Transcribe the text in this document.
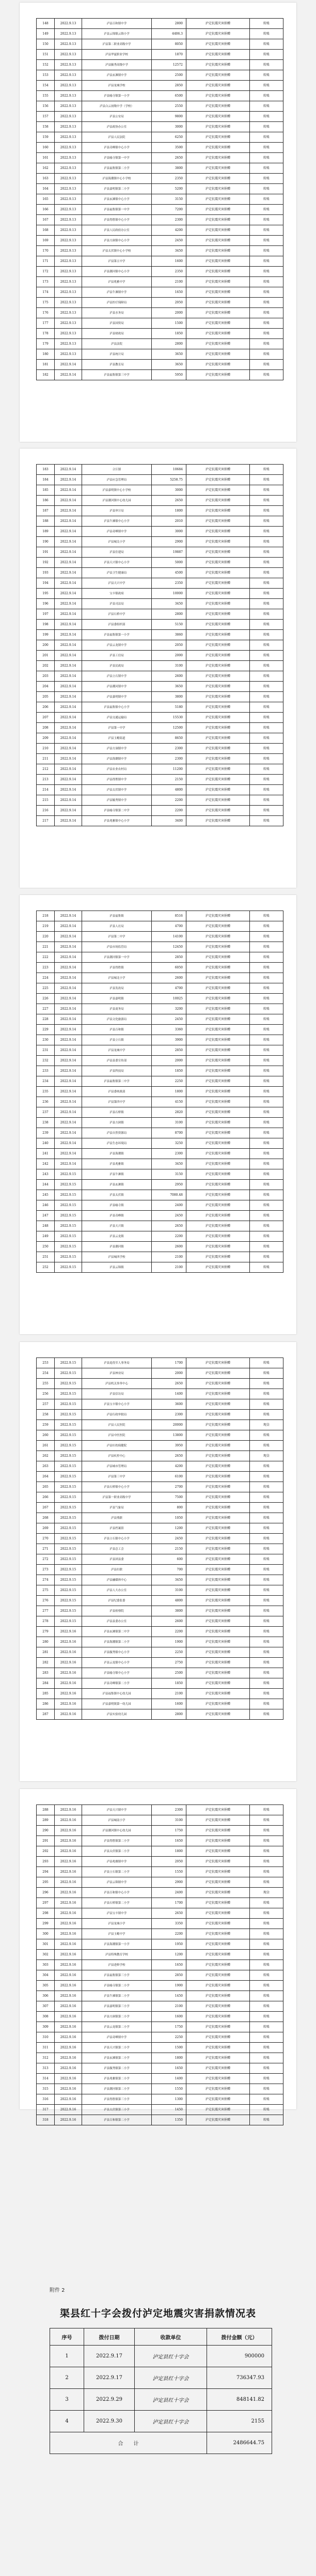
148	2022.9.13	泸县百和镇中学	2800	泸定抗震灾害捐赠	转账
149	2022.9.13	泸县云锦镇云锦小学	4406.3	泸定抗震灾害捐赠	转账
150	2022.9.13	泸县第二职业高级中学	8050	泸定抗震灾害捐赠	转账
151	2022.9.13	泸县华夏职业学校	1870	泸定抗震灾害捐赠	转账
152	2022.9.13	泸县毓秀高级中学	12572	泸定抗震灾害捐赠	转账
153	2022.9.13	泸县玄滩镇中学	2500	泸定抗震灾害捐赠	转账
154	2022.9.13	泸县龙城学校	2850	泸定抗震灾害捐赠	转账
155	2022.9.13	泸县喻寺镇第一小学	6500	泸定抗震灾害捐赠	转账
156	2022.9.13	泸县白云初级中学（学校）	2550	泸定抗震灾害捐赠	转账
157	2022.9.13	泸县公安局	9800	泸定抗震灾害捐赠	转账
158	2022.9.13	泸县政协办公室	3000	泸定抗震灾害捐赠	转账
159	2022.9.13	泸县人民法院	6250	泸定抗震灾害捐赠	转账
160	2022.9.13	泸县奇峰镇中心小学	3500	泸定抗震灾害捐赠	转账
161	2022.9.13	泸县喻寺镇第一中学	2650	泸定抗震灾害捐赠	转账
162	2022.9.13	泸县福集镇第二小学	3800	泸定抗震灾害捐赠	转账
163	2022.9.13	泸县海潮镇中心小学校	2350	泸定抗震灾害捐赠	转账
164	2022.9.13	泸县嘉明镇第二小学	5200	泸定抗震灾害捐赠	转账
165	2022.9.13	泸县玄滩镇中心小学	3150	泸定抗震灾害捐赠	转账
166	2022.9.13	泸县福集镇第一中学	7200	泸定抗震灾害捐赠	转账
167	2022.9.13	泸县得胜镇中心小学	2300	泸定抗震灾害捐赠	转账
168	2022.9.13	泸县人民政府办公室	4200	泸定抗震灾害捐赠	转账
169	2022.9.13	泸县方洞镇中心小学	2450	泸定抗震灾害捐赠	转账
170	2022.9.13	泸县太伏镇中心小学校	3450	泸定抗震灾害捐赠	转账
171	2022.9.13	泸县第五中学	1600	泸定抗震灾害捐赠	转账
172	2022.9.13	泸县潮河镇中心小学	2350	泸定抗震灾害捐赠	转账
173	2022.9.13	泸县兆雅中学	2100	泸定抗震灾害捐赠	转账
174	2022.9.13	泸县牛滩镇中学	1650	泸定抗震灾害捐赠	转账
175	2022.9.13	泸县医疗保障局	2050	泸定抗震灾害捐赠	转账
176	2022.9.13	泸县水务局	2000	泸定抗震灾害捐赠	转账
177	2022.9.13	泸县国资局	1500	泸定抗震灾害捐赠	转账
178	2022.9.13	泸县财政局	1850	泸定抗震灾害捐赠	转账
179	2022.9.13	泸县法院	2800	泸定抗震灾害捐赠	转账
180	2022.9.13	泸县统计局	3650	泸定抗震灾害捐赠	转账
181	2022.9.14	泸县教育局	3650	泸定抗震灾害捐赠	转账
182	2022.9.14	泸县福集镇第三中学	5950	泸定抗震灾害捐赠	转账
183	2022.9.14	合江镇	10684	泸定抗震灾害捐赠	转账
184	2022.9.14	泸县应急管理局	5258.75	泸定抗震灾害捐赠	转账
185	2022.9.14	泸县嘉明镇中心小学校	3000	泸定抗震灾害捐赠	转账
186	2022.9.14	泸县潮河镇中心幼儿园	2650	泸定抗震灾害捐赠	转账
187	2022.9.14	泸县审计局	1800	泸定抗震灾害捐赠	转账
188	2022.9.14	泸县牛滩镇中心小学	2010	泸定抗震灾害捐赠	转账
189	2022.9.14	泸县奇峰镇中学	3000	泸定抗震灾害捐赠	转账
190	2022.9.14	泸县城关小学	2900	泸定抗震灾害捐赠	转账
191	2022.9.14	泸县住建局	19887	泸定抗震灾害捐赠	转账
192	2022.9.14	泸县天兴镇中心小学	5000	泸定抗震灾害捐赠	转账
193	2022.9.14	泸县卫生健康局	4500	泸定抗震灾害捐赠	转账
194	2022.9.14	泸县天兴中学	2350	泸定抗震灾害捐赠	转账
195	2022.9.14	宝丰镇政府	10000	泸定抗震灾害捐赠	转账
196	2022.9.14	泸县司法局	3450	泸定抗震灾害捐赠	转账
197	2022.9.14	泸县石桥中学	2800	泸定抗震灾害捐赠	转账
198	2022.9.14	泸县委组织部	5150	泸定抗震灾害捐赠	转账
199	2022.9.14	泸县福集镇第一小学	3860	泸定抗震灾害捐赠	转账
200	2022.9.14	泸县云龙镇中学	2050	泸定抗震灾害捐赠	转账
201	2022.9.14	泸县工信局	2000	泸定抗震灾害捐赠	转账
202	2022.9.14	泸县民政局	3100	泸定抗震灾害捐赠	转账
203	2022.9.14	泸县立石镇中学	2600	泸定抗震灾害捐赠	转账
204	2022.9.14	泸县潮河镇中学	3650	泸定抗震灾害捐赠	转账
205	2022.9.14	泸县嘉明镇中学	3800	泸定抗震灾害捐赠	转账
206	2022.9.14	泸县福集镇中心小学	5180	泸定抗震灾害捐赠	转账
207	2022.9.14	泸县交通运输局	15530	泸定抗震灾害捐赠	转账
208	2022.9.14	泸县第一中学	12500	泸定抗震灾害捐赠	转账
209	2022.9.14	泸县玉蟾街道	8650	泸定抗震灾害捐赠	转账
210	2022.9.14	泸县方洞镇中学	2300	泸定抗震灾害捐赠	转账
211	2022.9.14	泸县海潮镇中学	2300	泸定抗震灾害捐赠	转账
212	2022.9.14	泸县农业农村局	11200	泸定抗震灾害捐赠	转账
213	2022.9.14	泸县得胜镇中学	2150	泸定抗震灾害捐赠	转账
214	2022.9.14	泸县太伏镇中学	4800	泸定抗震灾害捐赠	转账
215	2022.9.14	泸县毓秀镇中学	2200	泸定抗震灾害捐赠	转账
216	2022.9.14	泸县喻寺镇第二中学	2200	泸定抗震灾害捐赠	转账
217	2022.9.14	泸县兆雅镇中心小学	3400	泸定抗震灾害捐赠	转账
218	2022.9.14	泸县福集镇	8516	泸定抗震灾害捐赠	转账
219	2022.9.14	泸县人社局	4700	泸定抗震灾害捐赠	转账
220	2022.9.14	泸县第二中学	14100	泸定抗震灾害捐赠	转账
221	2022.9.14	泸县市场监管局	12450	泸定抗震灾害捐赠	转账
222	2022.9.14	泸县潮河镇第一中学	2850	泸定抗震灾害捐赠	转账
223	2022.9.14	泸县得胜镇	6050	泸定抗震灾害捐赠	转账
224	2022.9.14	泸县城北小学	2600	泸定抗震灾害捐赠	转账
225	2022.9.14	泸县发改局	4700	泸定抗震灾害捐赠	转账
226	2022.9.14	泸县嘉明镇	10025	泸定抗震灾害捐赠	转账
227	2022.9.14	泸县商务局	3200	泸定抗震灾害捐赠	转账
228	2022.9.14	泸县文化旅游局	2450	泸定抗震灾害捐赠	转账
229	2022.9.14	泸县百和镇	3360	泸定抗震灾害捐赠	转账
230	2022.9.14	泸县立石镇	3900	泸定抗震灾害捐赠	转账
231	2022.9.14	泸县龙城中学	2850	泸定抗震灾害捐赠	转账
232	2022.9.14	泸县县委宣传部	2000	泸定抗震灾害捐赠	转账
233	2022.9.14	泸县科技局	1850	泸定抗震灾害捐赠	转账
234	2022.9.14	泸县福集镇第二中学	2250	泸定抗震灾害捐赠	转账
235	2022.9.14	泸县委统战部	1800	泸定抗震灾害捐赠	转账
236	2022.9.14	泸县第四中学	4150	泸定抗震灾害捐赠	转账
237	2022.9.14	泸县石桥镇	2820	泸定抗震灾害捐赠	转账
238	2022.9.14	泸县方洞镇	3100	泸定抗震灾害捐赠	转账
239	2022.9.14	泸县自然资源局	8700	泸定抗震灾害捐赠	转账
240	2022.9.14	泸县生态环境局	3250	泸定抗震灾害捐赠	转账
241	2022.9.14	泸县海潮镇	2300	泸定抗震灾害捐赠	转账
242	2022.9.14	泸县兆雅镇	3450	泸定抗震灾害捐赠	转账
243	2022.9.15	泸县牛滩镇	3150	泸定抗震灾害捐赠	转账
244	2022.9.15	泸县玄滩镇	2950	泸定抗震灾害捐赠	转账
245	2022.9.15	泸县太伏镇	7080.48	泸定抗震灾害捐赠	转账
246	2022.9.15	泸县喻寺镇	2400	泸定抗震灾害捐赠	转账
247	2022.9.15	泸县奇峰镇	2450	泸定抗震灾害捐赠	转账
248	2022.9.15	泸县天兴镇	2650	泸定抗震灾害捐赠	转账
249	2022.9.15	泸县云龙镇	2200	泸定抗震灾害捐赠	转账
250	2022.9.15	泸县潮河镇	2600	泸定抗震灾害捐赠	转账
251	2022.9.15	泸县城西学校	2100	泸定抗震灾害捐赠	转账
252	2022.9.15	泸县云锦镇	2100	泸定抗震灾害捐赠	转账
253	2022.9.15	泸县退役军人事务局	1700	泸定抗震灾害捐赠	转账
254	2022.9.15	泸县林业局	2000	泸定抗震灾害捐赠	转账
255	2022.9.15	泸县机关事务中心	2650	泸定抗震灾害捐赠	转账
256	2022.9.15	泸县信访局	1400	泸定抗震灾害捐赠	转账
257	2022.9.15	泸县宝丰镇中心小学	3600	泸定抗震灾害捐赠	转账
258	2022.9.15	泸县行政审批局	2300	泸定抗震灾害捐赠	转账
259	2022.9.15	泸县人民医院	20000	泸定抗震灾害捐赠	现金
260	2022.9.15	泸县中医医院	13800	泸定抗震灾害捐赠	转账
261	2022.9.15	泸县妇幼保健院	3950	泸定抗震灾害捐赠	转账
262	2022.9.15	泸县疾控中心	2650	泸定抗震灾害捐赠	现金
263	2022.9.15	泸县城市管理局	4200	泸定抗震灾害捐赠	转账
264	2022.9.15	泸县第三中学	6100	泸定抗震灾害捐赠	转账
265	2022.9.15	泸县石桥镇中心小学	2700	泸定抗震灾害捐赠	转账
266	2022.9.15	泸县第一职业高级中学	7500	泸定抗震灾害捐赠	转账
267	2022.9.15	泸县气象局	800	泸定抗震灾害捐赠	转账
268	2022.9.15	泸县残联	1050	泸定抗震灾害捐赠	转账
269	2022.9.15	泸县档案馆	1200	泸定抗震灾害捐赠	转账
270	2022.9.15	泸县立石镇中心小学	2450	泸定抗震灾害捐赠	转账
271	2022.9.15	泸县总工会	2150	泸定抗震灾害捐赠	转账
272	2022.9.15	泸县团县委	600	泸定抗震灾害捐赠	转账
273	2022.9.15	泸县妇联	700	泸定抗震灾害捐赠	转账
274	2022.9.15	泸县融媒体中心	3450	泸定抗震灾害捐赠	转账
275	2022.9.15	泸县人大办公室	3100	泸定抗震灾害捐赠	转账
276	2022.9.15	泸县纪委监委	4800	泸定抗震灾害捐赠	转账
277	2022.9.15	泸县检察院	3800	泸定抗震灾害捐赠	转账
278	2022.9.15	泸县县委办公室	2600	泸定抗震灾害捐赠	转账
279	2022.9.16	泸县玄滩镇第二中学	2200	泸定抗震灾害捐赠	转账
280	2022.9.16	泸县海潮镇第二小学	1900	泸定抗震灾害捐赠	转账
281	2022.9.16	泸县毓秀镇中心小学	2250	泸定抗震灾害捐赠	转账
282	2022.9.16	泸县云龙镇中心小学	2750	泸定抗震灾害捐赠	转账
283	2022.9.16	泸县喻寺镇中心小学	2500	泸定抗震灾害捐赠	转账
284	2022.9.16	泸县奇峰镇第二小学	1850	泸定抗震灾害捐赠	转账
285	2022.9.16	泸县福集镇中心幼儿园	2100	泸定抗震灾害捐赠	转账
286	2022.9.16	泸县嘉明镇第一幼儿园	1600	泸定抗震灾害捐赠	转账
287	2022.9.16	泸县实验幼儿园	2800	泸定抗震灾害捐赠	转账
288	2022.9.16	泸县天兴镇中学	2300	泸定抗震灾害捐赠	转账
289	2022.9.16	泸县城南小学	3100	泸定抗震灾害捐赠	转账
290	2022.9.16	泸县潮河镇中心幼儿园	1750	泸定抗震灾害捐赠	转账
291	2022.9.16	泸县得胜镇第二小学	1650	泸定抗震灾害捐赠	转账
292	2022.9.16	泸县太伏镇第二小学	1800	泸定抗震灾害捐赠	转账
293	2022.9.16	泸县兆雅镇中学	2050	泸定抗震灾害捐赠	转账
294	2022.9.16	泸县立石镇第二小学	1550	泸定抗震灾害捐赠	转账
295	2022.9.16	泸县云锦镇中学	2900	泸定抗震灾害捐赠	转账
296	2022.9.16	泸县百和镇中心小学	2400	泸定抗震灾害捐赠	现金
297	2022.9.16	泸县石桥镇第二小学	1700	泸定抗震灾害捐赠	转账
298	2022.9.16	泸县宝丰镇中学	2650	泸定抗震灾害捐赠	转账
299	2022.9.16	泸县龙城小学	3350	泸定抗震灾害捐赠	转账
300	2022.9.16	泸县玉蟾中学	2200	泸定抗震灾害捐赠	转账
301	2022.9.16	泸县海潮镇第一小学	1950	泸定抗震灾害捐赠	转账
302	2022.9.16	泸县特殊教育学校	1200	泸定抗震灾害捐赠	转账
303	2022.9.16	泸县进修学校	1650	泸定抗震灾害捐赠	转账
304	2022.9.16	泸县福集镇第三小学	2850	泸定抗震灾害捐赠	转账
305	2022.9.16	泸县喻寺镇第二小学	1900	泸定抗震灾害捐赠	转账
306	2022.9.16	泸县牛滩镇第二小学	1450	泸定抗震灾害捐赠	转账
307	2022.9.16	泸县嘉明镇第三小学	2100	泸定抗震灾害捐赠	转账
308	2022.9.16	泸县方洞镇第二小学	1600	泸定抗震灾害捐赠	转账
309	2022.9.16	泸县云龙镇第二小学	1750	泸定抗震灾害捐赠	转账
310	2022.9.16	泸县奇峰镇中学	2250	泸定抗震灾害捐赠	转账
311	2022.9.16	泸县天兴镇第二小学	1500	泸定抗震灾害捐赠	转账
312	2022.9.16	泸县玄滩镇第二小学	1800	泸定抗震灾害捐赠	转账
313	2022.9.16	泸县毓秀镇第二小学	1650	泸定抗震灾害捐赠	转账
314	2022.9.16	泸县兆雅镇第二小学	1400	泸定抗震灾害捐赠	转账
315	2022.9.16	泸县潮河镇第二小学	1550	泸定抗震灾害捐赠	转账
316	2022.9.16	泸县得胜镇第三小学	1300	泸定抗震灾害捐赠	转账
317	2022.9.16	泸县太伏镇第三小学	1450	泸定抗震灾害捐赠	转账
318	2022.9.16	泸县百和镇第二小学	1350	泸定抗震灾害捐赠	转账
附件 2
渠县红十字会拨付泸定地震灾害捐款情况表
序号	拨付日期	收款单位	拨付金额（元）
1	2022.9.17	泸定县红十字会	900000
2	2022.9.17	泸定县红十字会	736347.93
3	2022.9.29	泸定县红十字会	848141.82
4	2022.9.30	泸定县红十字会	2155
合　　计			2486644.75
